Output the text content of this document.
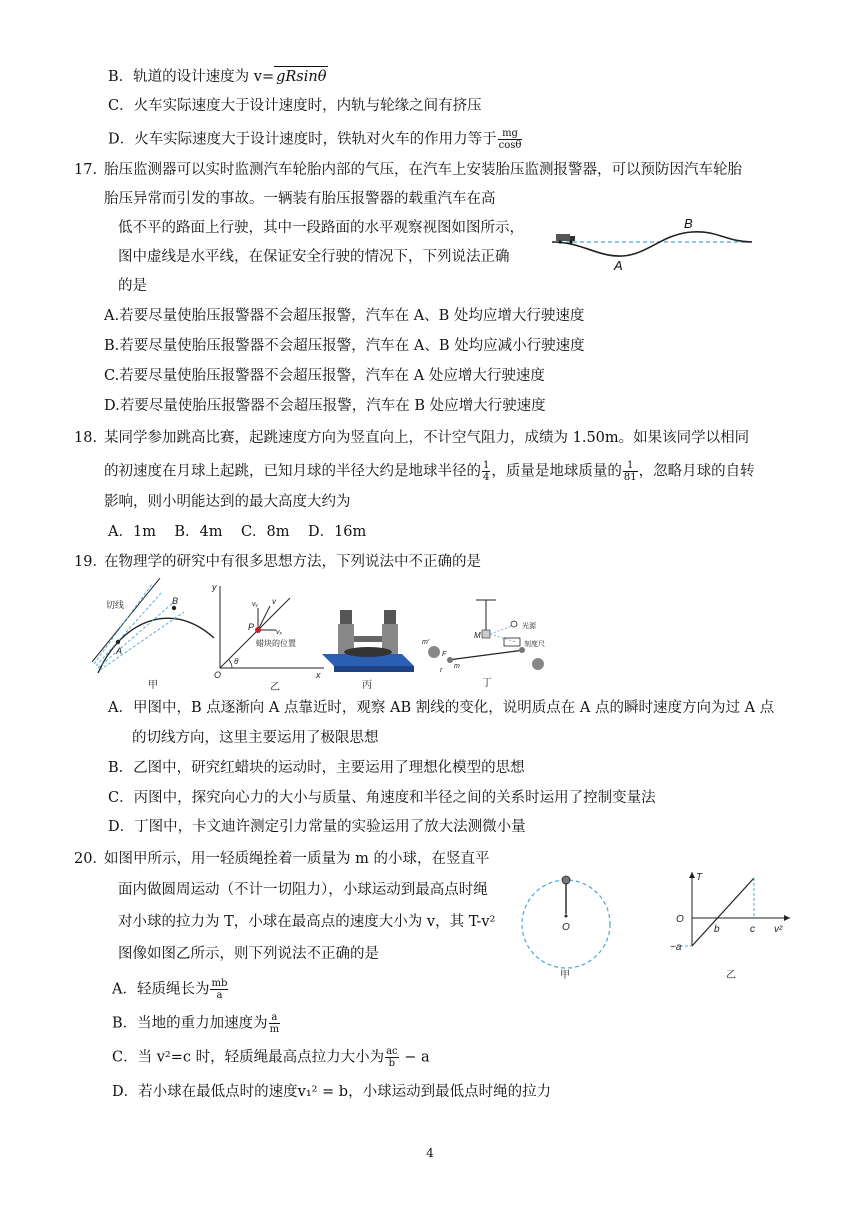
B．轨道的设计速度为 v= gRsinθ
C．火车实际速度大于设计速度时，内轨与轮缘之间有挤压
D．火车实际速度大于设计速度时，铁轨对火车的作用力等于 $\frac{mg}{\cos\theta}$
17. 胎压监测器可以实时监测汽车轮胎内部的气压，在汽车上安装胎压监测报警器，可以预防因汽车轮胎
胎压异常而引发的事故。一辆装有胎压报警器的载重汽车在高
低不平的路面上行驶，其中一段路面的水平观察视图如图所示，
图中虚线是水平线，在保证安全行驶的情况下，下列说法正确
的是
A
B
A.若要尽量使胎压报警器不会超压报警，汽车在 A、B 处均应增大行驶速度
B.若要尽量使胎压报警器不会超压报警，汽车在 A、B 处均应减小行驶速度
C.若要尽量使胎压报警器不会超压报警，汽车在 A 处应增大行驶速度
D.若要尽量使胎压报警器不会超压报警，汽车在 B 处应增大行驶速度
18．
某同学参加跳高比赛，起跳速度方向为竖直向上，不计空气阻力，成绩为 1.50m。如果该同学以相同
的初速度在月球上起跳，已知月球的半径大约是地球半径的 $\frac{1}{4}$ ，质量是地球质量的 $\frac{1}{81}$ ，忽略月球的自转
影响，则小明能达到的最大高度大约为
A．1m    B．4m    C．8m    D．16m
19．
在物理学的研究中有很多思想方法，下列说法中不正确的是
切线
A
B
甲
y
x
O
P
θ
v
vᵧ
vₓ
蜡块的位置
乙	丙
光源
刻度尺
M
m′
m
F
r
丁
A．甲图中，B 点逐渐向 A 点靠近时，观察 AB 割线的变化，说明质点在 A 点的瞬时速度方向为过 A 点
的切线方向，这里主要运用了极限思想
B．乙图中，研究红蜡块的运动时，主要运用了理想化模型的思想
C．丙图中，探究向心力的大小与质量、角速度和半径之间的关系时运用了控制变量法
D．丁图中，卡文迪许测定引力常量的实验运用了放大法测微小量
20．
如图甲所示，用一轻质绳拴着一质量为 m 的小球，在竖直平
面内做圆周运动（不计一切阻力），小球运动到最高点时绳
对小球的拉力为 T，小球在最高点的速度大小为 v，其 T-v²
图像如图乙所示，则下列说法不正确的是
O
甲
T
O
b	c v²
−a
乙
A．轻质绳长为 $\frac{mb}{a}$
B．当地的重力加速度为 $\frac{a}{m}$
C．当 v²=c 时，轻质绳最高点拉力大小为 $\frac{ac}{b} - a$
D．若小球在最低点时的速度v₁² = b，小球运动到最低点时绳的拉力
4
